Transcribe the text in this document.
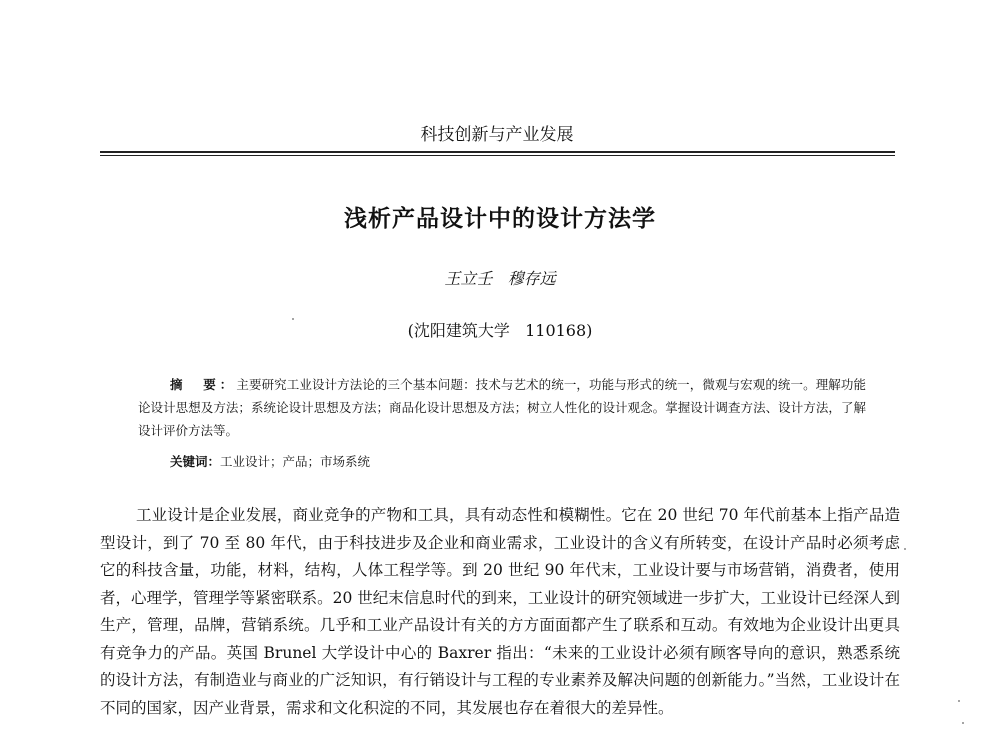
科技创新与产业发展
浅析产品设计中的设计方法学
王立壬   穆存远
(沈阳建筑大学   110168)
摘　要：主要研究工业设计方法论的三个基本问题：技术与艺术的统一，功能与形式的统一，微观与宏观的统一。理解功能论设计思想及方法；系统论设计思想及方法；商品化设计思想及方法；树立人性化的设计观念。掌握设计调查方法、设计方法，了解设计评价方法等。
关键词：工业设计；产品；市场系统

工业设计是企业发展，商业竞争的产物和工具，具有动态性和模糊性。它在 20 世纪 70 年代前基本上指产品造型设计，到了 70 至 80 年代，由于科技进步及企业和商业需求，工业设计的含义有所转变，在设计产品时必须考虑它的科技含量，功能，材料，结构，人体工程学等。到 20 世纪 90 年代末，工业设计要与市场营销，消费者，使用者，心理学，管理学等紧密联系。20 世纪末信息时代的到来，工业设计的研究领域进一步扩大，工业设计已经深人到生产，管理，品牌，营销系统。几乎和工业产品设计有关的方方面面都产生了联系和互动。有效地为企业设计出更具有竞争力的产品。英国 Brunel 大学设计中心的 Baxrer 指出：“未来的工业设计必须有顾客导向的意识，熟悉系统的设计方法，有制造业与商业的广泛知识，有行销设计与工程的专业素养及解决问题的创新能力。”当然，工业设计在不同的国家，因产业背景，需求和文化积淀的不同，其发展也存在着很大的差异性。
